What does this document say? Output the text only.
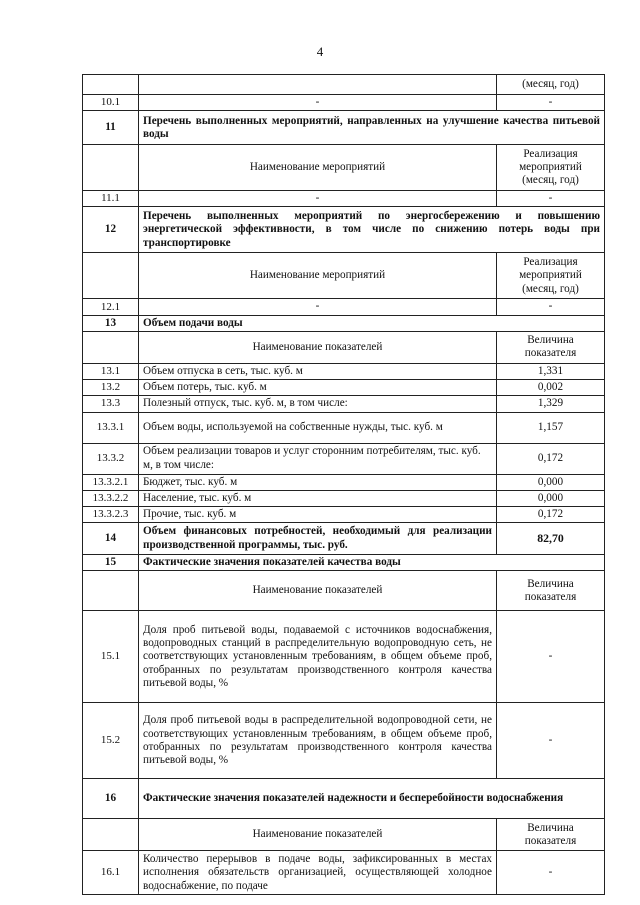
4
		(месяц, год)
10.1	-	-
11	Перечень выполненных мероприятий, направленных на улучшение качества питьевой воды	
	Наименование мероприятий	Реализация
мероприятий
(месяц, год)
11.1	-	-
12	Перечень выполненных мероприятий по энергосбережению и повышению энергетической эффективности, в том числе по снижению потерь воды при транспортировке	
	Наименование мероприятий	Реализация
мероприятий
(месяц, год)
12.1	-	-
13	Объем подачи воды	
	Наименование показателей	Величина
показателя
13.1	Объем отпуска в сеть, тыс. куб. м	1,331
13.2	Объем потерь, тыс. куб. м	0,002
13.3	Полезный отпуск, тыс. куб. м, в том числе:	1,329
13.3.1	Объем воды, используемой на собственные нужды, тыс. куб. м	1,157
13.3.2	Объем реализации товаров и услуг сторонним потребителям, тыс. куб. м, в том числе:	0,172
13.3.2.1	Бюджет, тыс. куб. м	0,000
13.3.2.2	Население, тыс. куб. м	0,000
13.3.2.3	Прочие, тыс. куб. м	0,172
14	Объем финансовых потребностей, необходимый для реализации производственной программы, тыс. руб.	82,70
15	Фактические значения показателей качества воды	
	Наименование показателей	Величина
показателя
15.1	Доля проб питьевой воды, подаваемой с источников водоснабжения, водопроводных станций в распределительную водопроводную сеть, не соответствующих установленным требованиям, в общем объеме проб, отобранных по результатам производственного контроля качества питьевой воды, %	-
15.2	Доля проб питьевой воды в распределительной водопроводной сети, не соответствующих установленным требованиям, в общем объеме проб, отобранных по результатам производственного контроля качества питьевой воды, %	-
16	Фактические значения показателей надежности и бесперебойности водоснабжения	
	Наименование показателей	Величина
показателя
16.1	Количество перерывов в подаче воды, зафиксированных в местах исполнения обязательств организацией, осуществляющей холодное водоснабжение, по подаче	-
